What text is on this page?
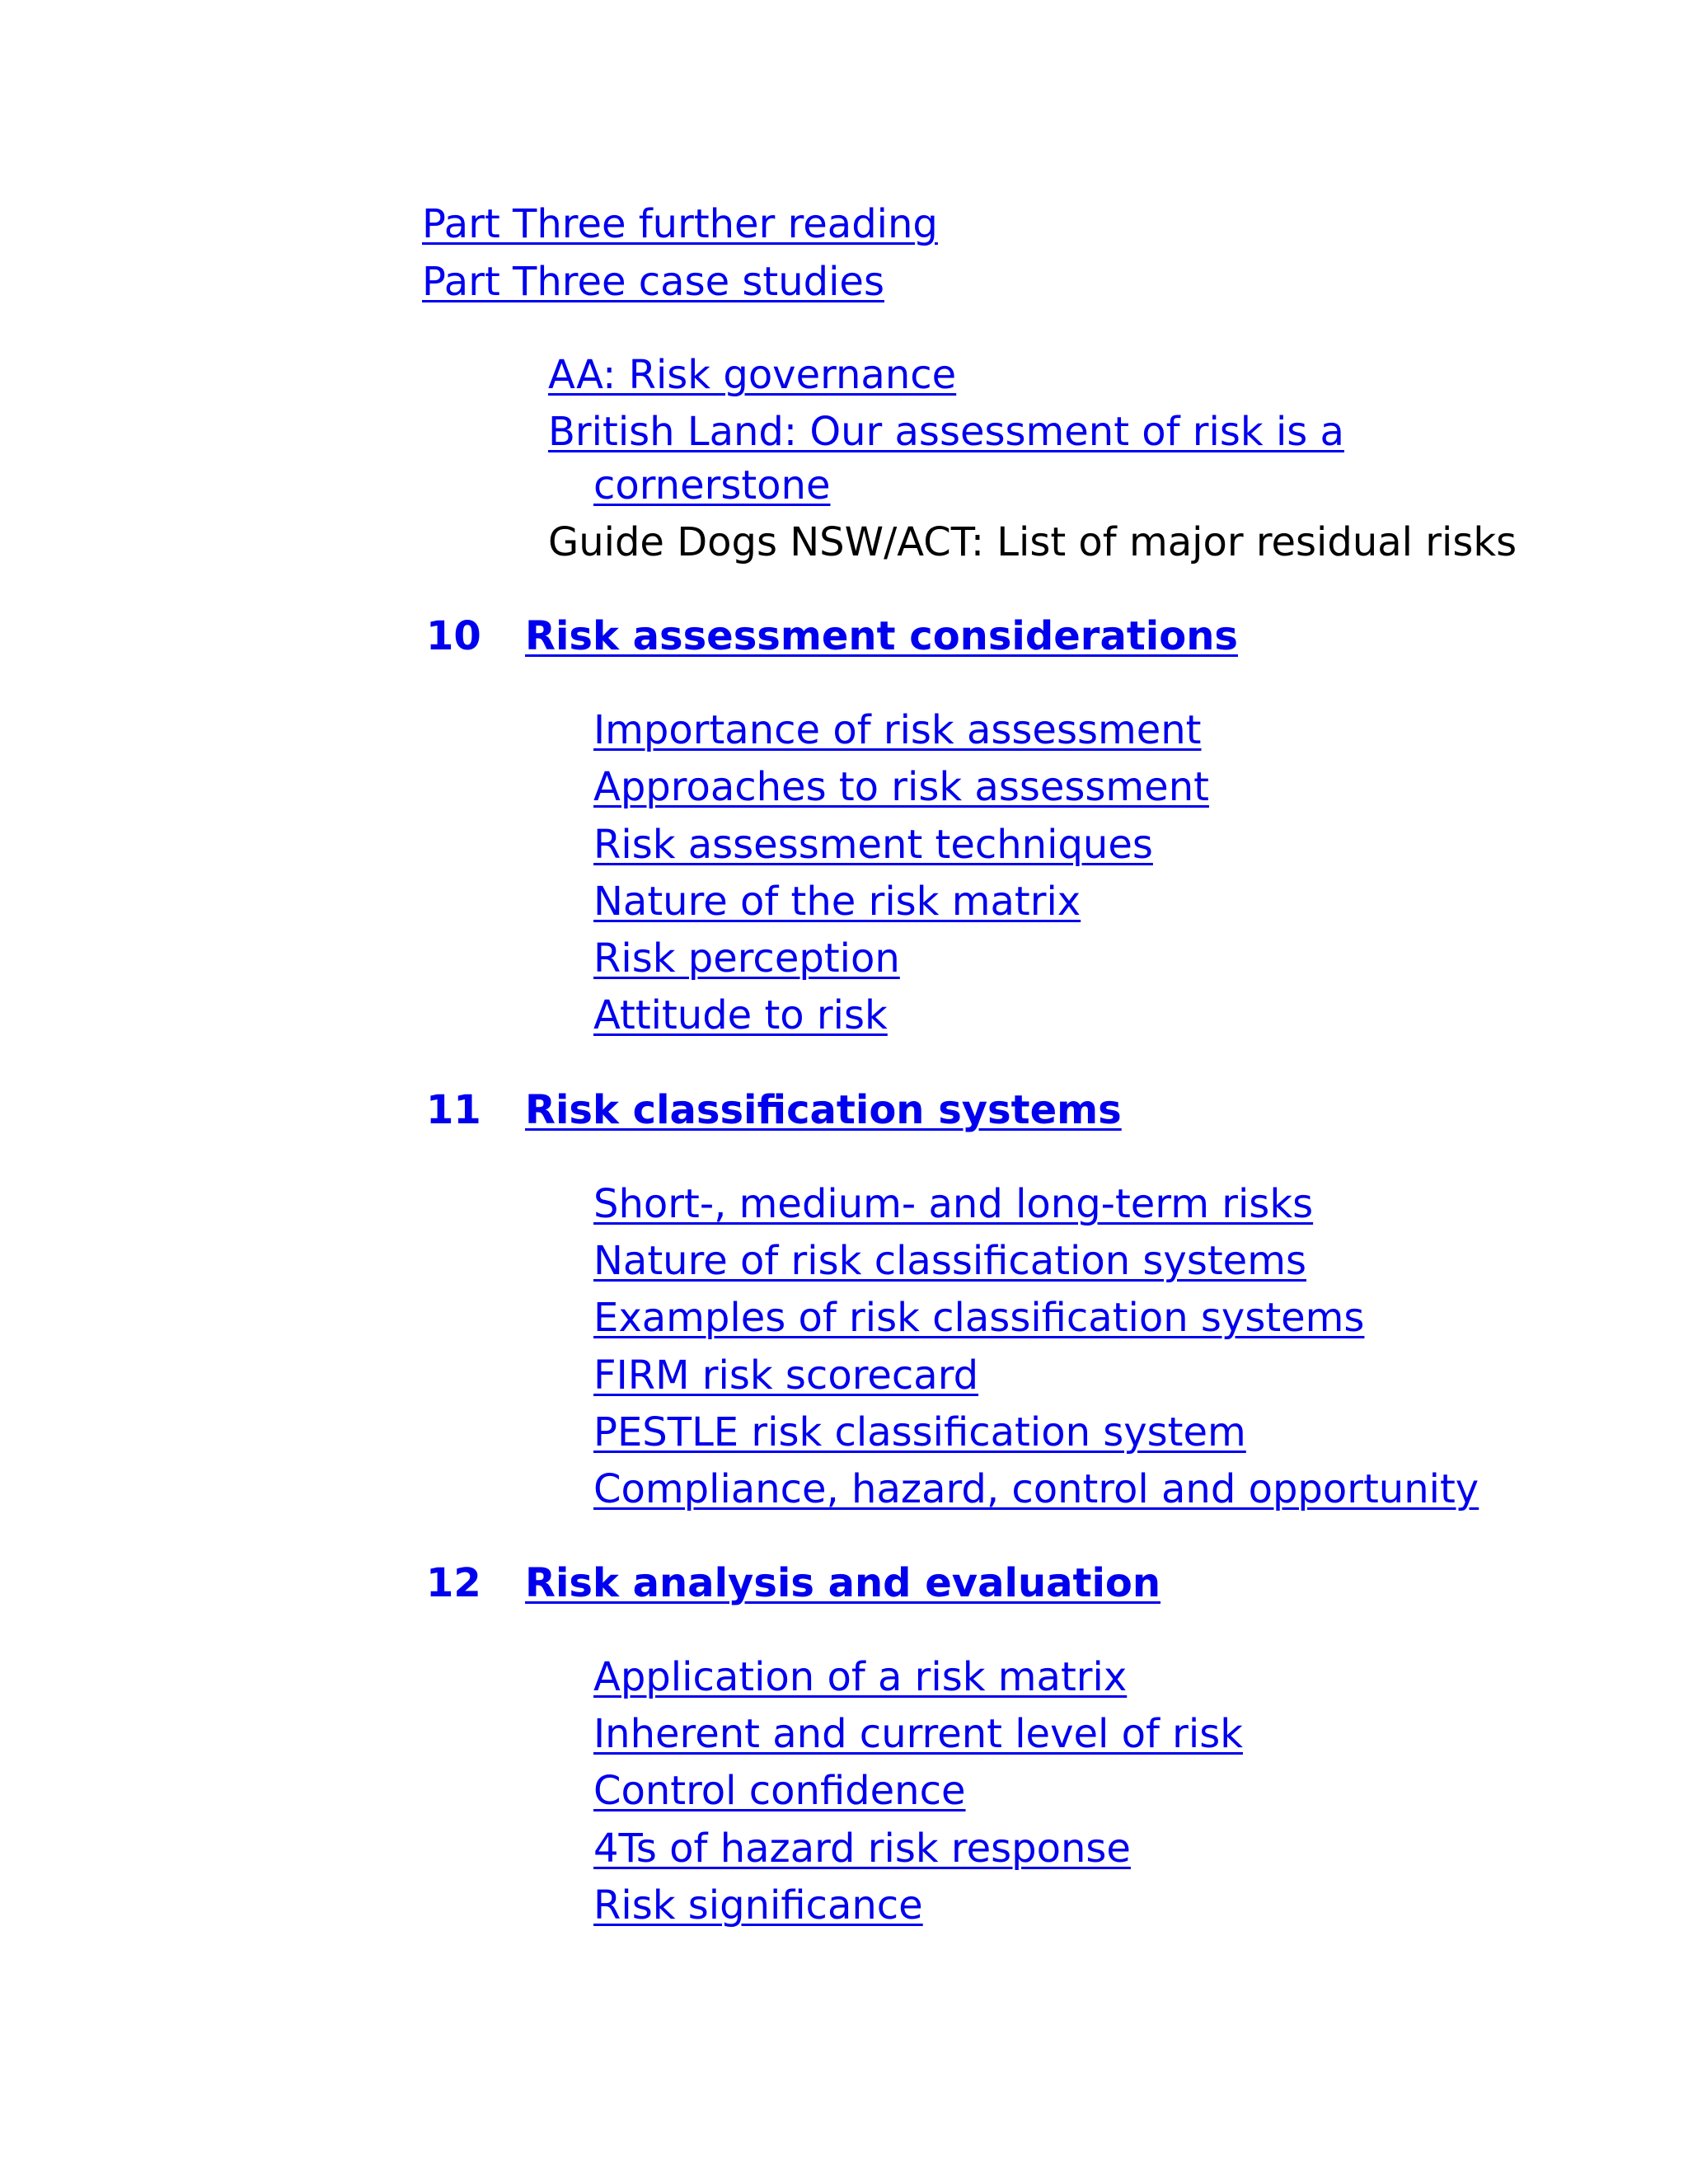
Part Three further reading
Part Three case studies
AA: Risk governance
British Land: Our assessment of risk is a
cornerstone
Guide Dogs NSW/ACT: List of major residual risks
10 Risk assessment considerations
Importance of risk assessment
Approaches to risk assessment
Risk assessment techniques
Nature of the risk matrix
Risk perception
Attitude to risk
11 Risk classification systems
Short-, medium- and long-term risks
Nature of risk classification systems
Examples of risk classification systems
FIRM risk scorecard
PESTLE risk classification system
Compliance, hazard, control and opportunity
12 Risk analysis and evaluation
Application of a risk matrix
Inherent and current level of risk
Control confidence
4Ts of hazard risk response
Risk significance
